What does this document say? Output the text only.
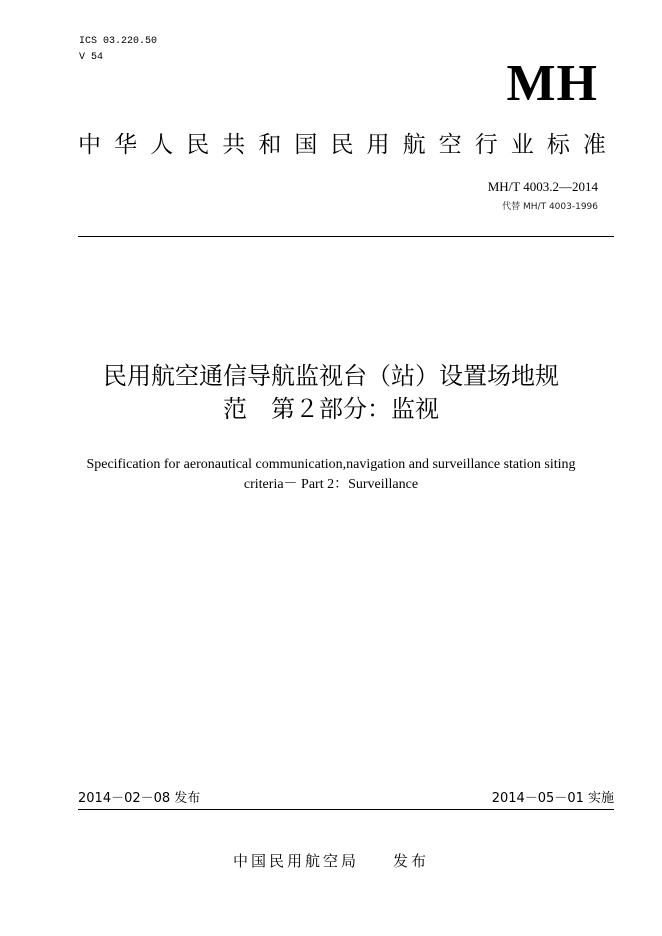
ICS 03.220.50
V 54	MH
中 华 人 民 共 和 国 民 用 航 空 行 业 标 准
MH/T 4003.2—2014
代替 MH/T 4003-1996
民用航空通信导航监视台（站）设置场地规
范　第２部分：监视
Specification for aeronautical communication,navigation and surveillance station siting
criteria－ Part 2：Surveillance
2014－02－08 发布	2014－05－01 实施
中国民用航空局 发布
